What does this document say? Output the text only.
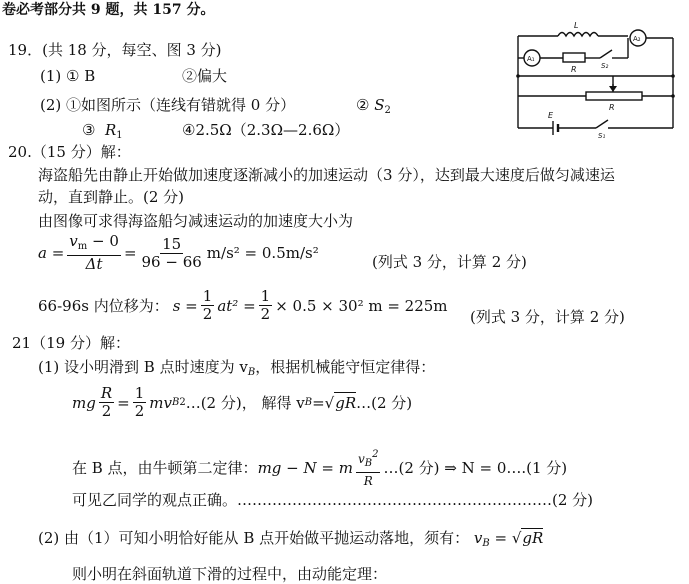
卷必考部分共 9 题，共 157 分。
19．(共 18 分，每空、图 3 分)
(1) ① B	②偏大
(2) ①如图所示（连线有错就得 0 分）	② $S_2$
③ $R_1$	④2.5Ω（2.3Ω—2.6Ω）
L
A₂
A₁
R	S₂
R
E
S₁
20.（15 分）解：
海盗船先由静止开始做加速度逐渐减小的加速运动（3 分），达到最大速度后做匀减速运
动，直到静止。(2 分)
由图像可求得海盗船匀减速运动的加速度大小为
$a = \frac{v_m - 0}{\Delta t} = \frac{15}{96 - 66} m/s^2 = 0.5m/s^2$	(列式 3 分，计算 2 分)
66-96s 内位移为： $s = \frac{1}{2} at^2 = \frac{1}{2} \times 0.5 \times 30^2$ m = 225m
(列式 3 分，计算 2 分)
21（19 分）解：
(1) 设小明滑到 B 点时速度为 $v_B$，根据机械能守恒定律得：
mg $\frac{R}{2} = \frac{1}{2}$ mv B 2 …(2 分)， 解得 v B = √ gR …(2 分)
在 B 点，由牛顿第二定律： mg − N = m $\frac{v_B^2}{R}$ …(2 分) ⇒ N = 0….(1 分)
可见乙同学的观点正确。………………………………………………………(2 分)
(2) 由（1）可知小明恰好能从 B 点开始做平抛运动落地，须有： $v_B = √gR$
则小明在斜面轨道下滑的过程中，由动能定理：
